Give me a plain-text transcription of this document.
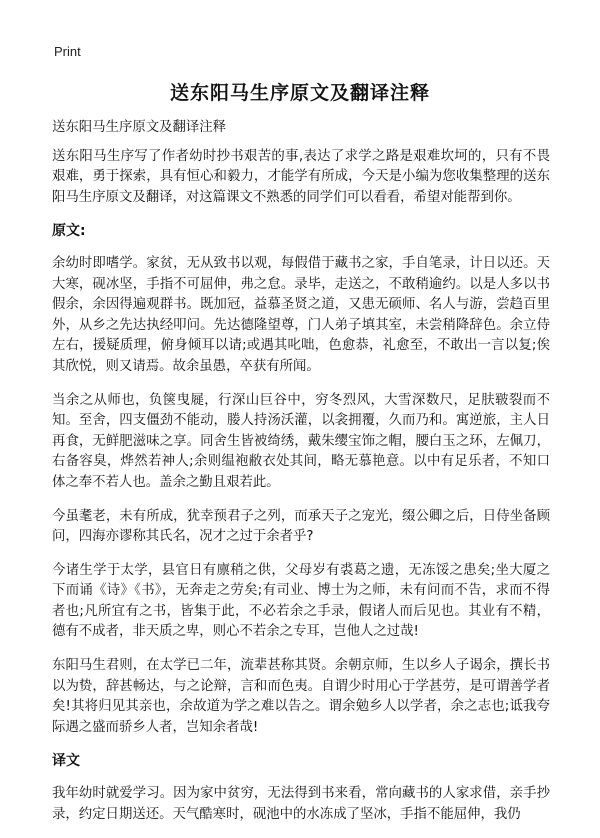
Print
送东阳马生序原文及翻译注释

送东阳马生序原文及翻译注释

送东阳马生序写了作者幼时抄书艰苦的事,表达了求学之路是艰难坎坷的，只有不畏艰难，勇于探索，具有恒心和毅力，才能学有所成，今天是小编为您收集整理的送东阳马生序原文及翻译，对这篇课文不熟悉的同学们可以看看，希望对能帮到你。

原文:

余幼时即嗜学。家贫，无从致书以观，每假借于藏书之家，手自笔录，计日以还。天大寒，砚冰坚，手指不可屈伸，弗之怠。录毕，走送之，不敢稍逾约。以是人多以书假余，余因得遍观群书。既加冠，益慕圣贤之道，又患无硕师、名人与游，尝趋百里外，从乡之先达执经叩问。先达德隆望尊，门人弟子填其室，未尝稍降辞色。余立侍左右，援疑质理，俯身倾耳以请;或遇其叱咄，色愈恭，礼愈至，不敢出一言以复;俟其欣悦，则又请焉。故余虽愚，卒获有所闻。

当余之从师也，负箧曳屣，行深山巨谷中，穷冬烈风，大雪深数尺，足肤皲裂而不知。至舍，四支僵劲不能动，媵人持汤沃灌，以衾拥覆，久而乃和。寓逆旅，主人日再食，无鲜肥滋味之享。同舍生皆被绮绣，戴朱缨宝饰之帽，腰白玉之环，左佩刀，右备容臭，烨然若神人;余则缊袍敝衣处其间，略无慕艳意。以中有足乐者，不知口体之奉不若人也。盖余之勤且艰若此。

今虽耄老，未有所成，犹幸预君子之列，而承天子之宠光，缀公卿之后，日侍坐备顾问，四海亦谬称其氏名，况才之过于余者乎?

今诸生学于太学，县官日有廪稍之供，父母岁有裘葛之遗，无冻馁之患矣;坐大厦之下而诵《诗》《书》，无奔走之劳矣;有司业、博士为之师，未有问而不告，求而不得者也;凡所宜有之书，皆集于此，不必若余之手录，假诸人而后见也。其业有不精，德有不成者，非天质之卑，则心不若余之专耳，岂他人之过哉!

东阳马生君则，在太学已二年，流辈甚称其贤。余朝京师，生以乡人子谒余，撰长书以为贽，辞甚畅达，与之论辩，言和而色夷。自谓少时用心于学甚劳，是可谓善学者矣!其将归见其亲也，余故道为学之难以告之。谓余勉乡人以学者，余之志也;诋我夸际遇之盛而骄乡人者，岂知余者哉!

译文

我年幼时就爱学习。因为家中贫穷，无法得到书来看，常向藏书的人家求借，亲手抄录，约定日期送还。天气酷寒时，砚池中的水冻成了坚冰，手指不能屈伸，我仍
